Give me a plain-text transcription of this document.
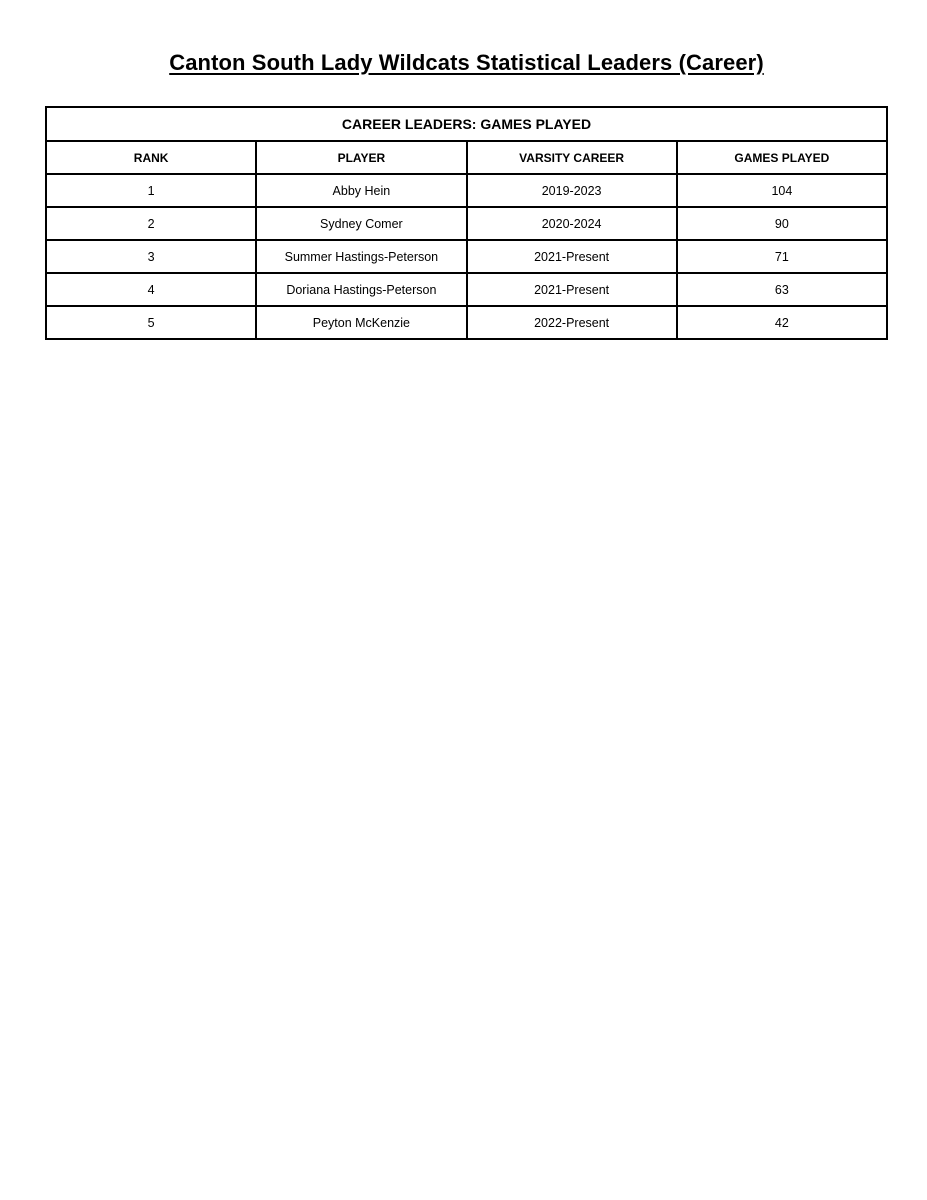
Canton South Lady Wildcats Statistical Leaders (Career)
CAREER LEADERS: GAMES PLAYED			
RANK	PLAYER	VARSITY CAREER	GAMES PLAYED
1	Abby Hein	2019-2023	104
2	Sydney Comer	2020-2024	90
3	Summer Hastings-Peterson	2021-Present	71
4	Doriana Hastings-Peterson	2021-Present	63
5	Peyton McKenzie	2022-Present	42
